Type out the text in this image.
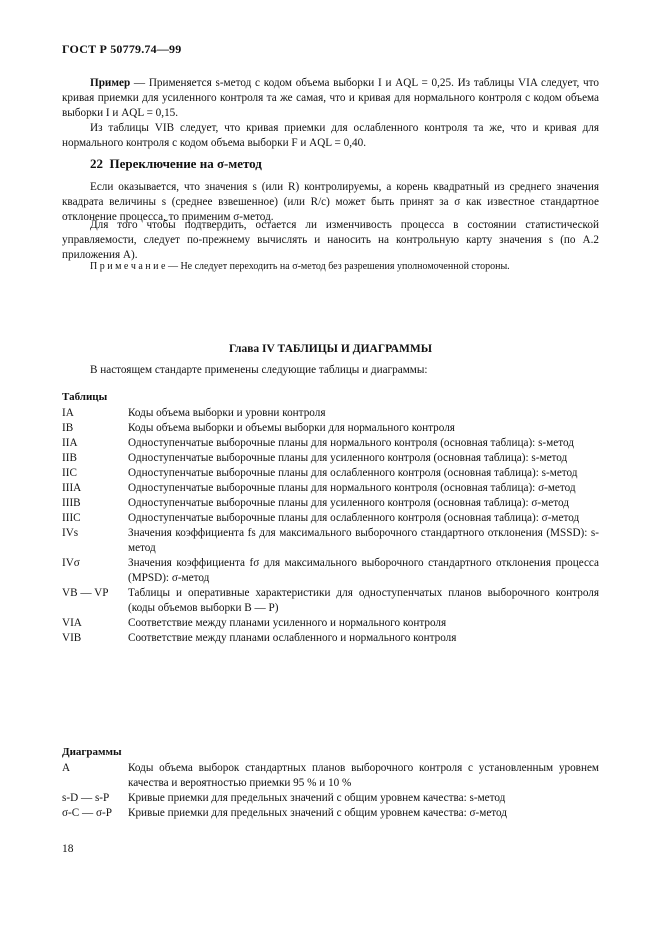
ГОСТ Р 50779.74—99
Пример — Применяется s-метод с кодом объема выборки I и AQL = 0,25. Из таблицы VIA следует, что кривая приемки для усиленного контроля та же самая, что и кривая для нормального контроля с кодом объема выборки I и AQL = 0,15.
Из таблицы VIB следует, что кривая приемки для ослабленного контроля та же, что и кривая для нормального контроля с кодом объема выборки F и AQL = 0,40.
22 Переключение на σ-метод
Если оказывается, что значения s (или R) контролируемы, а корень квадратный из среднего значения квадрата величины s (среднее взвешенное) (или R/c) может быть принят за σ как известное стандартное отклонение процесса, то применим σ-метод.
Для того чтобы подтвердить, остается ли изменчивость процесса в состоянии статистической управляемости, следует по-прежнему вычислять и наносить на контрольную карту значения s (по А.2 приложения А).
П р и м е ч а н и е — Не следует переходить на σ-метод без разрешения уполномоченной стороны.
Глава IV ТАБЛИЦЫ И ДИАГРАММЫ
В настоящем стандарте применены следующие таблицы и диаграммы:
Таблицы
IA	Коды объема выборки и уровни контроля
IB	Коды объема выборки и объемы выборки для нормального контроля
IIA	Одноступенчатые выборочные планы для нормального контроля (основная таблица): s-метод
IIB	Одноступенчатые выборочные планы для усиленного контроля (основная таблица): s-метод
IIC	Одноступенчатые выборочные планы для ослабленного контроля (основная таблица): s-метод
IIIA	Одноступенчатые выборочные планы для нормального контроля (основная таблица): σ-метод
IIIB	Одноступенчатые выборочные планы для усиленного контроля (основная таблица): σ-метод
IIIC	Одноступенчатые выборочные планы для ослабленного контроля (основная таблица): σ-метод
IVs	Значения коэффициента fs для максимального выборочного стандартного отклонения (MSSD): s-метод
IVσ	Значения коэффициента fσ для максимального выборочного стандартного отклонения процесса (MPSD): σ-метод
VB — VP	Таблицы и оперативные характеристики для одноступенчатых планов выборочного контроля (коды объемов выборки B — P)
VIA	Соответствие между планами усиленного и нормального контроля
VIB	Соответствие между планами ослабленного и нормального контроля
Диаграммы
A	Коды объема выборок стандартных планов выборочного контроля с установленным уровнем качества и вероятностью приемки 95 % и 10 %
s-D — s-P	Кривые приемки для предельных значений с общим уровнем качества: s-метод
σ-C — σ-P	Кривые приемки для предельных значений с общим уровнем качества: σ-метод
18
